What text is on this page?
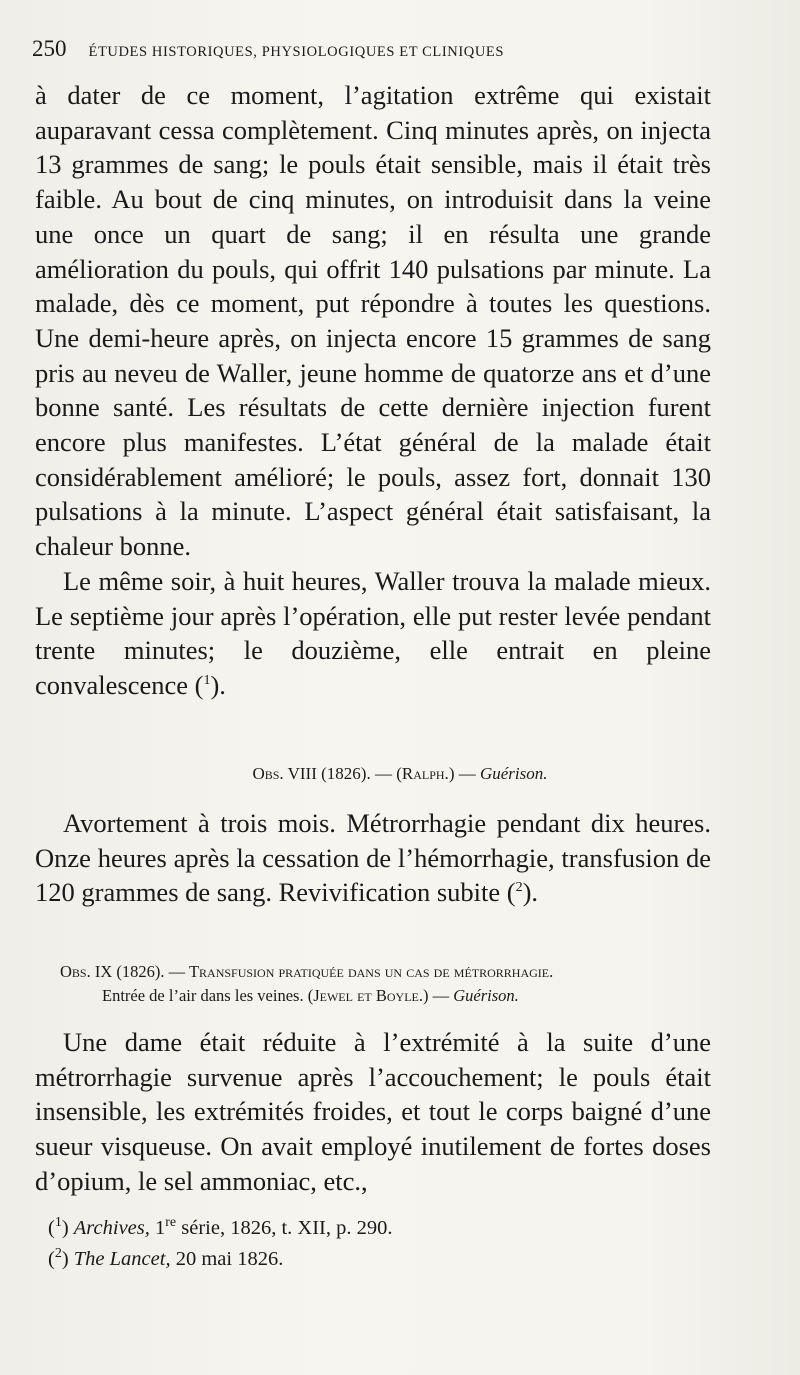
250 ÉTUDES HISTORIQUES, PHYSIOLOGIQUES ET CLINIQUES

à dater de ce moment, l’agitation extrême qui existait auparavant cessa complètement. Cinq minutes après, on injecta 13 grammes de sang; le pouls était sensible, mais il était très faible. Au bout de cinq minutes, on introduisit dans la veine une once un quart de sang; il en résulta une grande amélioration du pouls, qui offrit 140 pulsations par minute. La malade, dès ce moment, put répondre à toutes les questions. Une demi-heure après, on injecta encore 15 grammes de sang pris au neveu de Waller, jeune homme de quatorze ans et d’une bonne santé. Les résultats de cette dernière injection furent encore plus manifestes. L’état général de la malade était considérablement amélioré; le pouls, assez fort, donnait 130 pulsations à la minute. L’aspect général était satisfaisant, la chaleur bonne.

Le même soir, à huit heures, Waller trouva la malade mieux. Le septième jour après l’opération, elle put rester levée pendant trente minutes; le douzième, elle entrait en pleine convalescence ($^1$).

Obs. VIII (1826). — (Ralph.) — Guérison.

Avortement à trois mois. Métrorrhagie pendant dix heures. Onze heures après la cessation de l’hémorrhagie, transfusion de 120 grammes de sang. Revivification subite ($^2$).

Obs. IX (1826). — Transfusion pratiquée dans un cas de métrorrhagie.
Entrée de l’air dans les veines. (Jewel et Boyle.) — Guérison.

Une dame était réduite à l’extrémité à la suite d’une métrorrhagie survenue après l’accouchement; le pouls était insensible, les extrémités froides, et tout le corps baigné d’une sueur visqueuse. On avait employé inutilement de fortes doses d’opium, le sel ammoniac, etc.,

($^1$) Archives, 1re série, 1826, t. XII, p. 290.
($^2$) The Lancet, 20 mai 1826.
